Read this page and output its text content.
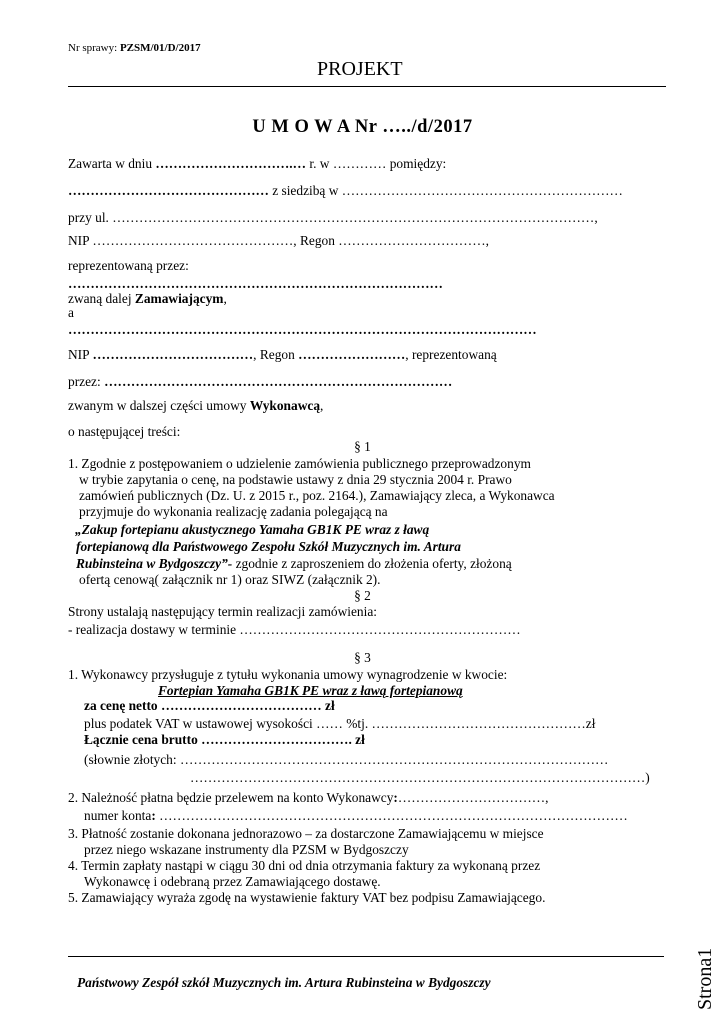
Nr sprawy: PZSM/01/D/2017
PROJEKT
U M O W A Nr …../d/2017
Zawarta w dniu ………………………….… r. w ………… pomiędzy:
……………………………………… z siedzibą w ………………………………………………………
przy ul. ………………………………………………………………………………………………,
NIP ………………………………………, Regon ……………………………,
reprezentowaną przez:
…………………………………………………………………………
zwaną dalej Zamawiającym,
a
……………………………………………………………………………………………
NIP ………………………………, Regon ……………………, reprezentowaną
przez: ……………………………………………………………………
zwanym w dalszej części umowy Wykonawcą,
o następującej treści:
§ 1
1. Zgodnie z postępowaniem o udzielenie zamówienia publicznego przeprowadzonym
w trybie zapytania o cenę, na podstawie ustawy z dnia 29 stycznia 2004 r. Prawo
zamówień publicznych (Dz. U. z 2015 r., poz. 2164.), Zamawiający zleca, a Wykonawca
przyjmuje do wykonania realizację zadania polegającą na
„Zakup fortepianu akustycznego Yamaha GB1K PE wraz z ławą
fortepianową dla Państwowego Zespołu Szkół Muzycznych im. Artura
Rubinsteina w Bydgoszczy”- zgodnie z zaproszeniem do złożenia oferty, złożoną
ofertą cenową( załącznik nr 1) oraz SIWZ (załącznik 2).
§ 2
Strony ustalają następujący termin realizacji zamówienia:
- realizacja dostawy w terminie ………………………………………………………
§ 3
1. Wykonawcy przysługuje z tytułu wykonania umowy wynagrodzenie w kwocie:
Fortepian Yamaha GB1K PE wraz z ławą fortepianową
za cenę netto ……………………………… zł
plus podatek VAT w ustawowej wysokości …… %tj. …………………………………………zł
Łącznie cena brutto ……………………………. zł
(słownie złotych: ……………………………………………………………………………………
…………………………………………………………………………………………)
2. Należność płatna będzie przelewem na konto Wykonawcy:……………………………,
numer konta: ……………………………………………………………………………………………
3. Płatność zostanie dokonana jednorazowo – za dostarczone Zamawiającemu w miejsce
przez niego wskazane instrumenty dla PZSM w Bydgoszczy
4. Termin zapłaty nastąpi w ciągu 30 dni od dnia otrzymania faktury za wykonaną przez
Wykonawcę i odebraną przez Zamawiającego dostawę.
5. Zamawiający wyraża zgodę na wystawienie faktury VAT bez podpisu Zamawiającego.
Państwowy Zespół szkół Muzycznych im. Artura Rubinsteina w Bydgoszczy	Strona1
